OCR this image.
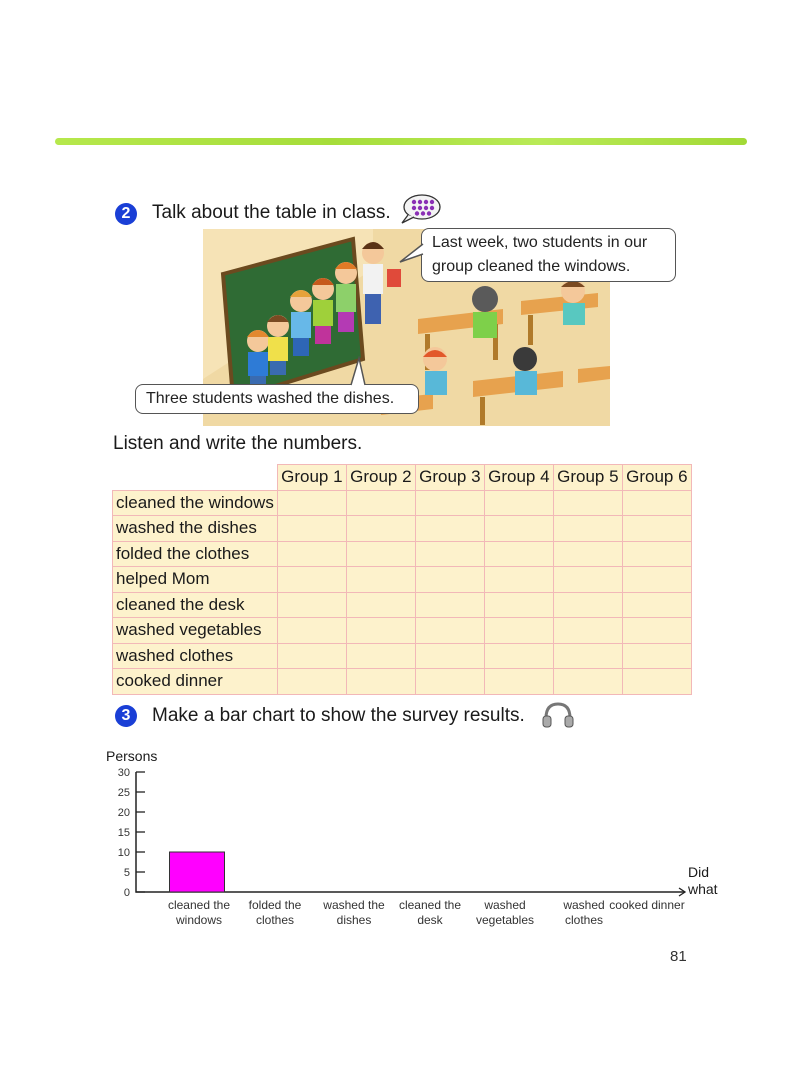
2	Talk about the table in class.
Last week, two students in our group cleaned the windows.
Three students washed the dishes.
Listen and write the numbers.
	Group 1	Group 2	Group 3	Group 4	Group 5	Group 6
cleaned the windows						
washed the dishes						
folded the clothes						
helped Mom						
cleaned the desk						
washed vegetables						
washed clothes						
cooked dinner						
3	Make a bar chart to show the survey results.
Persons
0
5
10
15
20
25
30
cleaned the windows
folded the clothes
washed the dishes
cleaned the desk
washed vegetables
washed clothes
cooked dinner
Did what
81
